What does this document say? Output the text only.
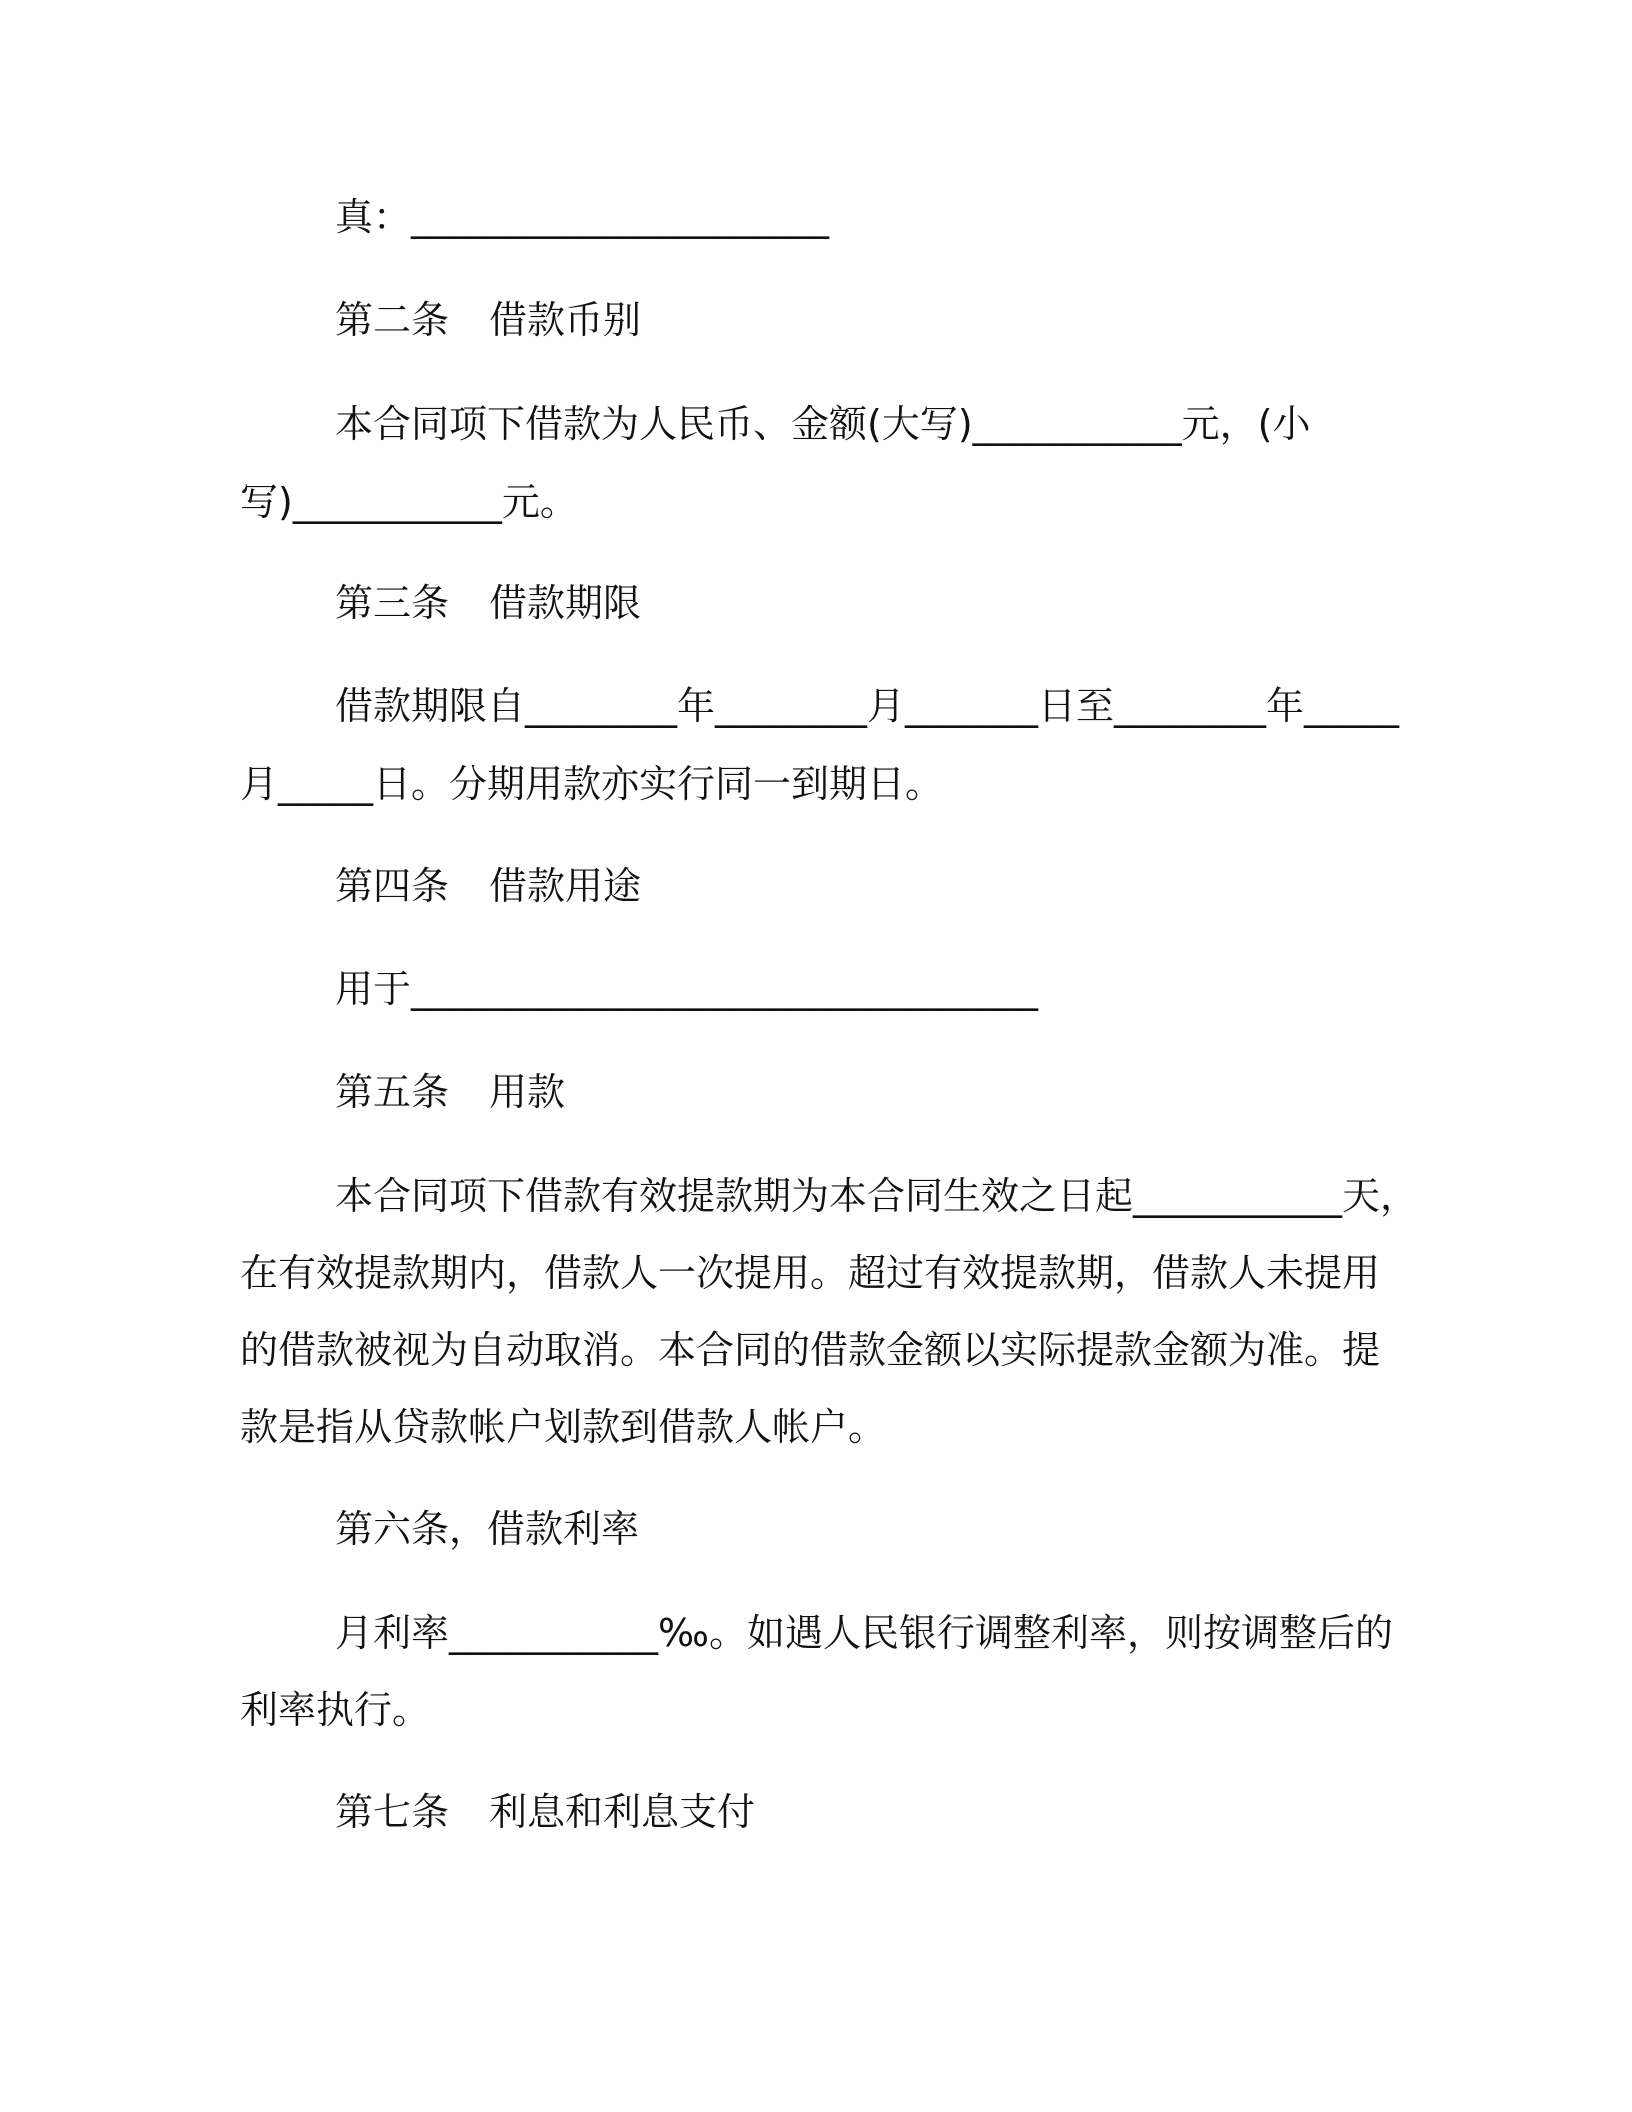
真：______________________
第二条 借款币别
本合同项下借款为人民币、金额(大写)___________元，(小
写)___________元。
第三条 借款期限
借款期限自________年________月_______日至________年_____
月_____日。分期用款亦实行同一到期日。
第四条 借款用途
用于_________________________________
第五条 用款
本合同项下借款有效提款期为本合同生效之日起___________天，
在有效提款期内，借款人一次提用。超过有效提款期，借款人未提用
的借款被视为自动取消。本合同的借款金额以实际提款金额为准。提
款是指从贷款帐户划款到借款人帐户。
第六条，借款利率
月利率___________‰。如遇人民银行调整利率，则按调整后的
利率执行。
第七条 利息和利息支付
